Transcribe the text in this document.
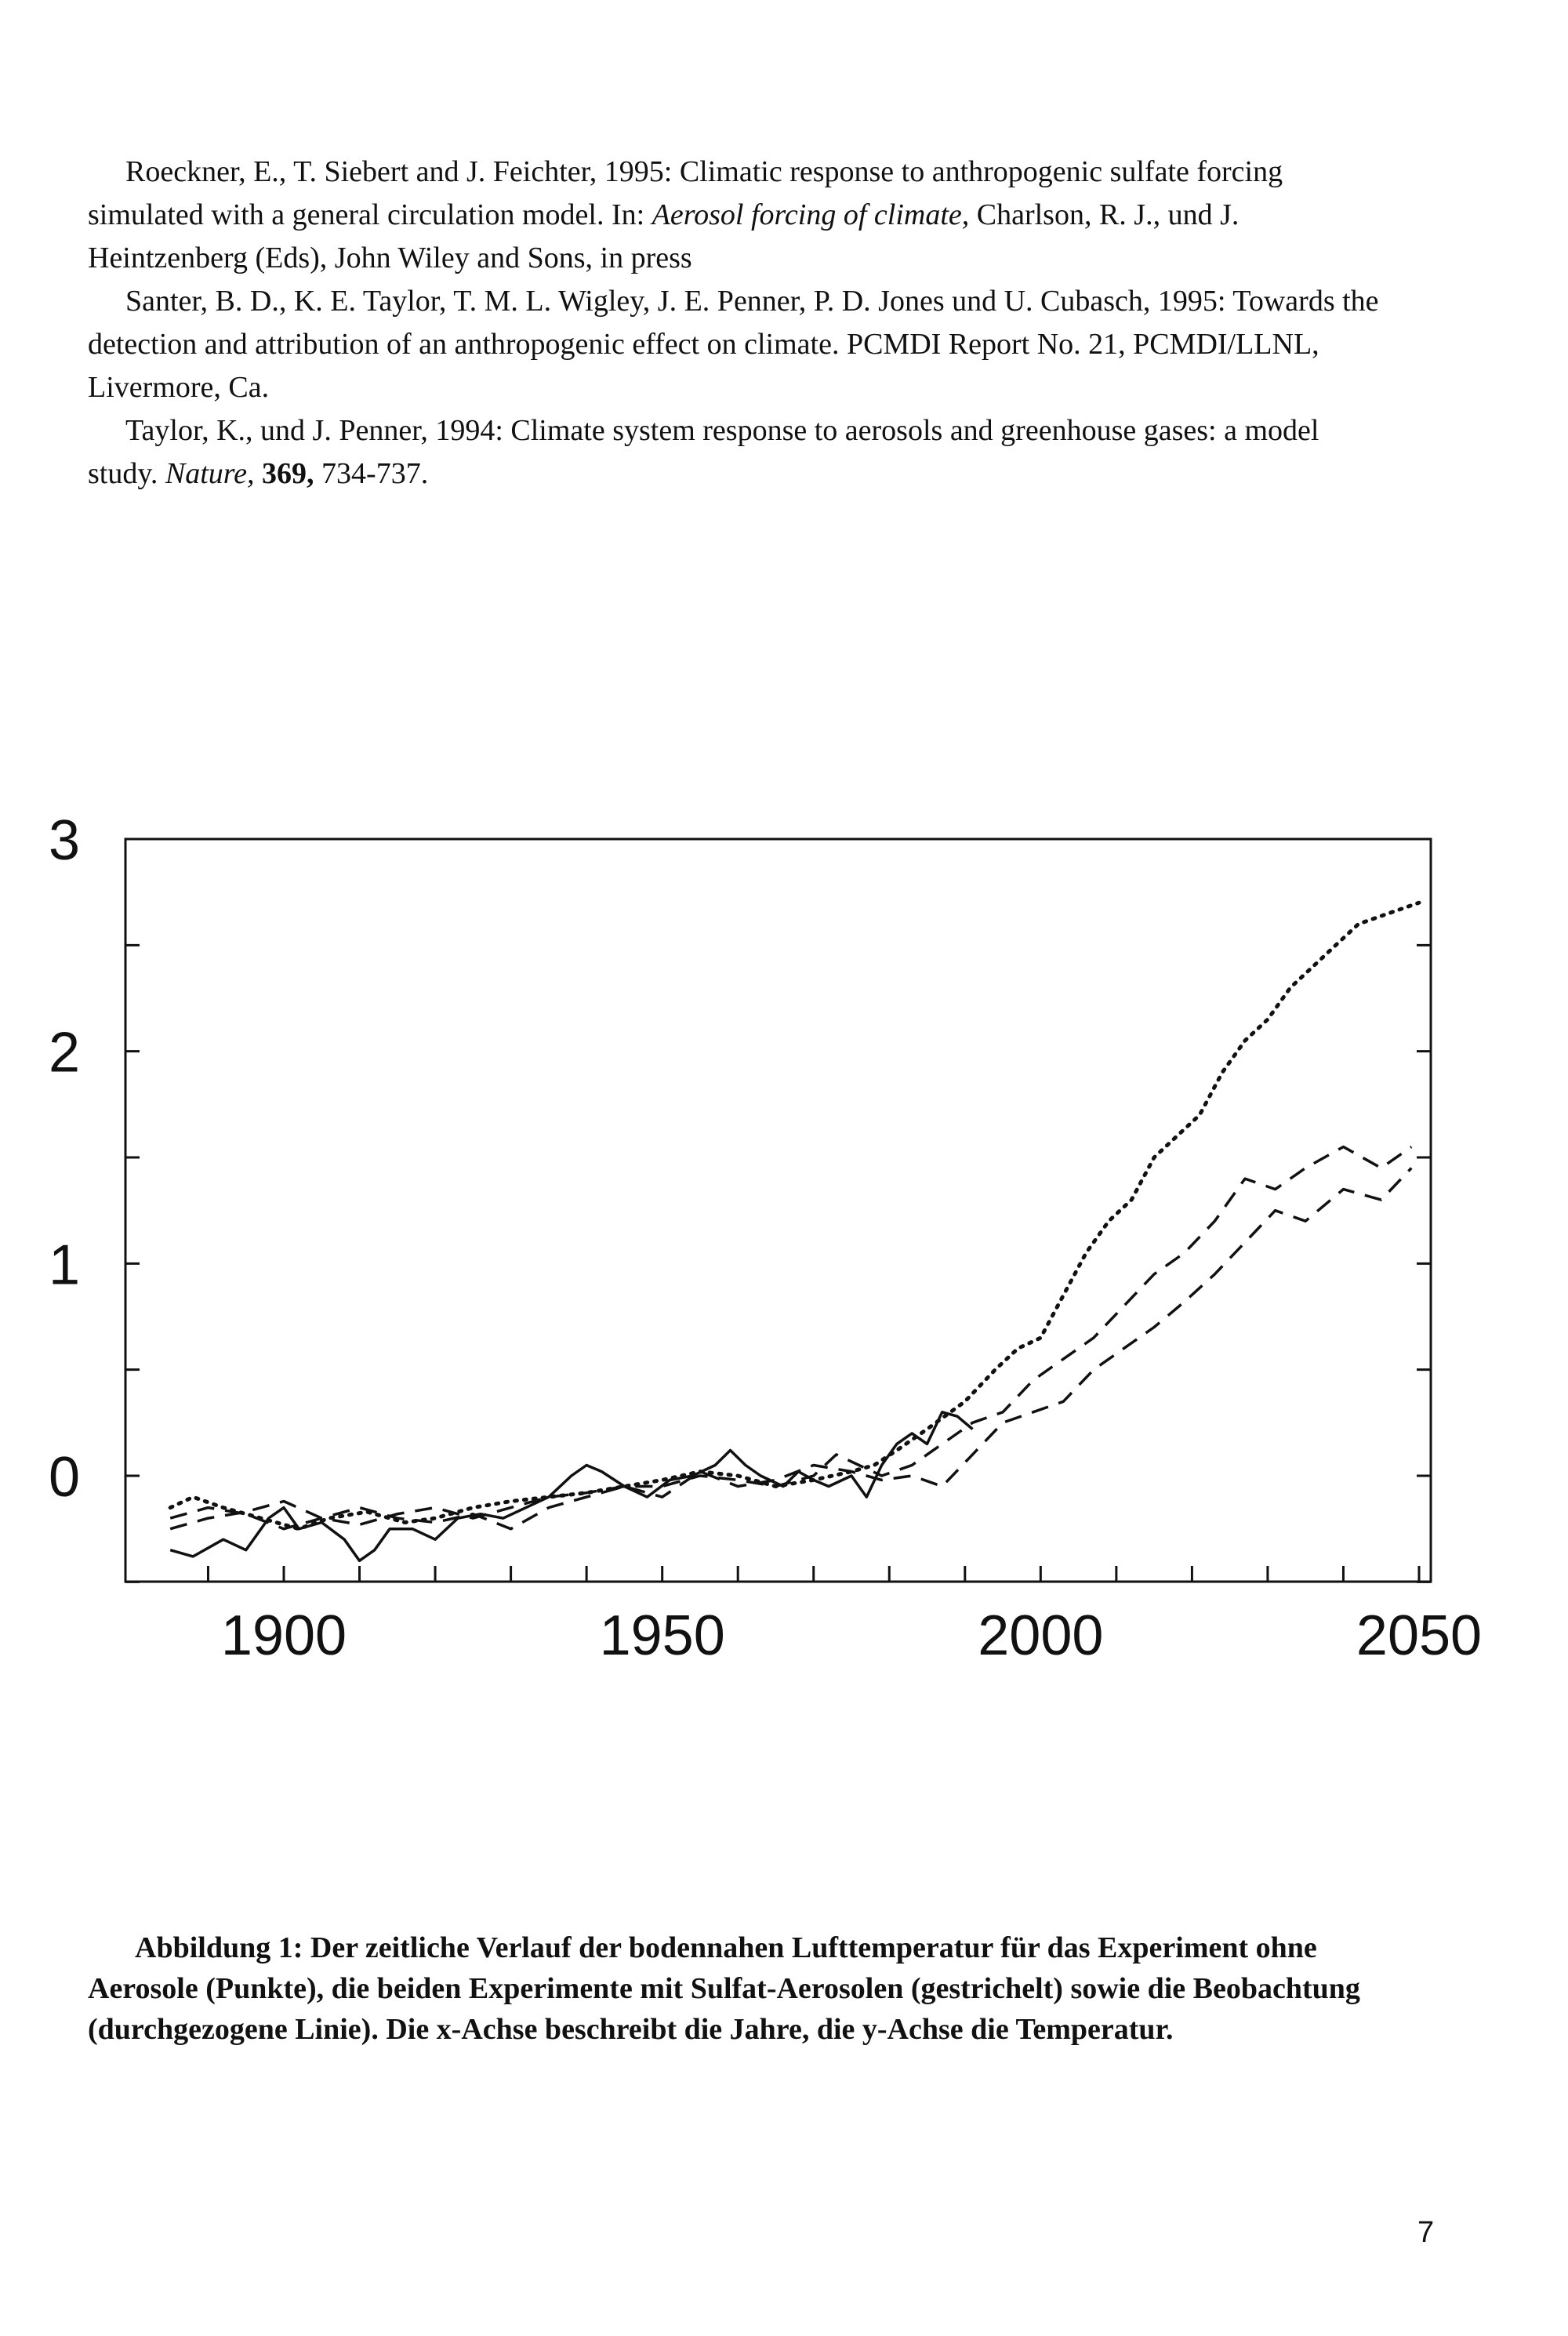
Roeckner, E., T. Siebert and J. Feichter, 1995: Climatic response to anthropogenic sulfate forcing simulated with a general circulation model. In: Aerosol forcing of climate, Charlson, R. J., und J. Heintzenberg (Eds), John Wiley and Sons, in press

Santer, B. D., K. E. Taylor, T. M. L. Wigley, J. E. Penner, P. D. Jones und U. Cubasch, 1995: Towards the detection and attribution of an anthropogenic effect on climate. PCMDI Report No. 21, PCMDI/LLNL, Livermore, Ca.

Taylor, K., und J. Penner, 1994: Climate system response to aerosols and greenhouse gases: a model study. Nature, 369, 734-737.

0
1
2
3
1900	1950	2000	2050

Abbildung 1: Der zeitliche Verlauf der bodennahen Lufttemperatur für das Experiment ohne Aerosole (Punkte), die beiden Experimente mit Sulfat-Aerosolen (gestrichelt) sowie die Beobachtung (durchgezogene Linie). Die x-Achse beschreibt die Jahre, die y-Achse die Temperatur.

7
